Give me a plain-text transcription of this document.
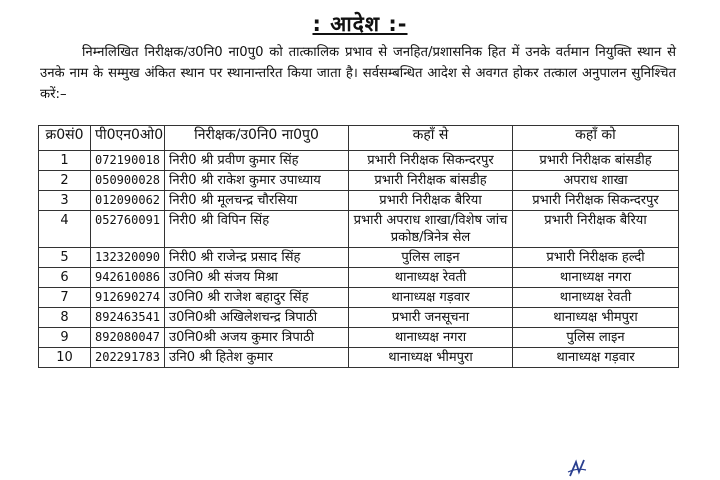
: आदेश :-
निम्नलिखित निरीक्षक/उ0नि0 ना0पु0 को तात्कालिक प्रभाव से जनहित/प्रशासनिक हित में उनके वर्तमान नियुक्ति स्थान से उनके नाम के सम्मुख अंकित स्थान पर स्थानान्तरित किया जाता है। सर्वसम्बन्धित आदेश से अवगत होकर तत्काल अनुपालन सुनिश्चित करें:–
क्र0सं0	पी0एन0ओ0	निरीक्षक/उ0नि0 ना0पु0	कहाँ से	कहाँ को
1	072190018	निरी0 श्री प्रवीण कुमार सिंह	प्रभारी निरीक्षक सिकन्दरपुर	प्रभारी निरीक्षक बांसडीह
2	050900028	निरी0 श्री राकेश कुमार उपाध्याय	प्रभारी निरीक्षक बांसडीह	अपराध शाखा
3	012090062	निरी0 श्री मूलचन्द्र चौरसिया	प्रभारी निरीक्षक बैरिया	प्रभारी निरीक्षक सिकन्दरपुर
4	052760091	निरी0 श्री विपिन सिंह	प्रभारी अपराध शाखा/विशेष जांच प्रकोष्ठ/त्रिनेत्र सेल	प्रभारी निरीक्षक बैरिया
5	132320090	निरी0 श्री राजेन्द्र प्रसाद सिंह	पुलिस लाइन	प्रभारी निरीक्षक हल्दी
6	942610086	उ0नि0 श्री संजय मिश्रा	थानाध्यक्ष रेवती	थानाध्यक्ष नगरा
7	912690274	उ0नि0 श्री राजेश बहादुर सिंह	थानाध्यक्ष गड़वार	थानाध्यक्ष रेवती
8	892463541	उ0नि0श्री अखिलेशचन्द्र त्रिपाठी	प्रभारी जनसूचना	थानाध्यक्ष भीमपुरा
9	892080047	उ0नि0श्री अजय कुमार त्रिपाठी	थानाध्यक्ष नगरा	पुलिस लाइन
10	202291783	उनि0 श्री हितेश कुमार	थानाध्यक्ष भीमपुरा	थानाध्यक्ष गड़वार
